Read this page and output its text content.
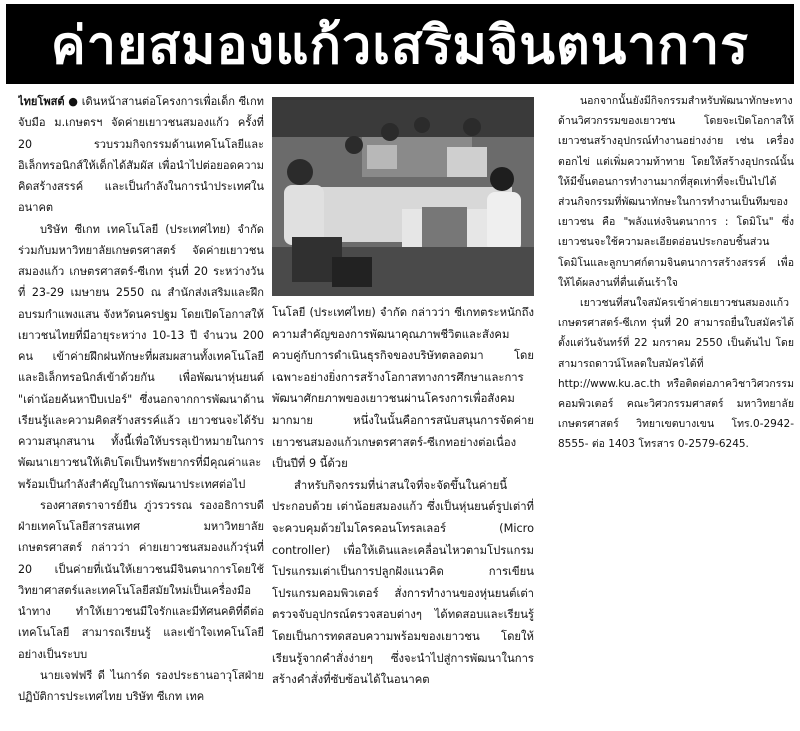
ค่ายสมองแก้วเสริมจินตนาการ

ไทยโพสต์ ● เดินหน้าสานต่อโครงการเพื่อเด็ก ซีเกท จับมือ ม.เกษตรฯ จัดค่ายเยาวชนสมองแก้ว ครั้งที่ 20 รวบรวมกิจกรรมด้านเทคโนโลยีและอิเล็กทรอนิกส์ให้เด็กได้สัมผัส เพื่อนำไปต่อยอดความคิดสร้างสรรค์ และเป็นกำลังในการนำประเทศในอนาคต

บริษัท ซีเกท เทคโนโลยี (ประเทศไทย) จำกัด ร่วมกับมหาวิทยาลัยเกษตรศาสตร์ จัดค่ายเยาวชนสมองแก้ว เกษตรศาสตร์-ซีเกท รุ่นที่ 20 ระหว่างวันที่ 23-29 เมษายน 2550 ณ สำนักส่งเสริมและฝึกอบรมกำแพงแสน จังหวัดนครปฐม โดยเปิดโอกาสให้เยาวชนไทยที่มีอายุระหว่าง 10-13 ปี จำนวน 200 คน เข้าค่ายฝึกฝนทักษะที่ผสมผสานทั้งเทคโนโลยีและอิเล็กทรอนิกส์เข้าด้วยกัน เพื่อพัฒนาหุ่นยนต์ "เต่าน้อยค้นหาปีบเปอร์" ซึ่งนอกจากการพัฒนาด้านเรียนรู้และความคิดสร้างสรรค์แล้ว เยาวชนจะได้รับความสนุกสนาน ทั้งนี้เพื่อให้บรรลุเป้าหมายในการพัฒนาเยาวชนให้เติบโตเป็นทรัพยากรที่มีคุณค่าและพร้อมเป็นกำลังสำคัญในการพัฒนาประเทศต่อไป

รองศาสตราจารย์ยืน ภู่วรวรรณ รองอธิการบดีฝ่ายเทคโนโลยีสารสนเทศ มหาวิทยาลัยเกษตรศาสตร์ กล่าวว่า ค่ายเยาวชนสมองแก้วรุ่นที่ 20 เป็นค่ายที่เน้นให้เยาวชนมีจินตนาการโดยใช้วิทยาศาสตร์และเทคโนโลยีสมัยใหม่เป็นเครื่องมือนำทาง ทำให้เยาวชนมีใจรักและมีทัศนคติที่ดีต่อเทคโนโลยี สามารถเรียนรู้ และเข้าใจเทคโนโลยีอย่างเป็นระบบ

นายเจฟฟรี ดี ไนการ์ด รองประธานอาวุโสฝ่ายปฏิบัติการประเทศไทย บริษัท ซีเกท เทค

โนโลยี (ประเทศไทย) จำกัด กล่าวว่า ซีเกทตระหนักถึงความสำคัญของการพัฒนาคุณภาพชีวิตและสังคมควบคู่กับการดำเนินธุรกิจของบริษัทตลอดมา โดยเฉพาะอย่างยิ่งการสร้างโอกาสทางการศึกษาและการพัฒนาศักยภาพของเยาวชนผ่านโครงการเพื่อสังคมมากมาย หนึ่งในนั้นคือการสนับสนุนการจัดค่ายเยาวชนสมองแก้วเกษตรศาสตร์-ซีเกทอย่างต่อเนื่องเป็นปีที่ 9 นี้ด้วย

สำหรับกิจกรรมที่น่าสนใจที่จะจัดขึ้นในค่ายนี้ ประกอบด้วย เต่าน้อยสมองแก้ว ซึ่งเป็นหุ่นยนต์รูปเต่าที่จะควบคุมด้วยไมโครคอนโทรลเลอร์ (Micro controller) เพื่อให้เดินและเคลื่อนไหวตามโปรแกรม โปรแกรมเต่าเป็นการปลูกฝังแนวคิด การเขียนโปรแกรมคอมพิวเตอร์ สั่งการทำงานของหุ่นยนต์เต่า ตรวจจับอุปกรณ์ตรวจสอบต่างๆ ได้ทดสอบและเรียนรู้ โดยเป็นการทดสอบความพร้อมของเยาวชน โดยให้เรียนรู้จากคำสั่งง่ายๆ ซึ่งจะนำไปสู่การพัฒนาในการสร้างคำสั่งที่ซับซ้อนได้ในอนาคต

นอกจากนั้นยังมีกิจกรรมสำหรับพัฒนาทักษะทางด้านวิศวกรรมของเยาวชน โดยจะเปิดโอกาสให้เยาวชนสร้างอุปกรณ์ทำงานอย่างง่าย เช่น เครื่องตอกไข่ แต่เพิ่มความท้าทาย โดยให้สร้างอุปกรณ์นั้นให้มีขั้นตอนการทำงานมากที่สุดเท่าที่จะเป็นไปได้ ส่วนกิจกรรมที่พัฒนาทักษะในการทำงานเป็นทีมของเยาวชน คือ "พลังแห่งจินตนาการ : โดมิโน" ซึ่งเยาวชนจะใช้ความละเอียดอ่อนประกอบชิ้นส่วนโดมิโนและลูกบาศก์ตามจินตนาการสร้างสรรค์ เพื่อให้ได้ผลงานที่ตื่นเต้นเร้าใจ

เยาวชนที่สนใจสมัครเข้าค่ายเยาวชนสมองแก้ว เกษตรศาสตร์-ซีเกท รุ่นที่ 20 สามารถยื่นใบสมัครได้ตั้งแต่วันจันทร์ที่ 22 มกราคม 2550 เป็นต้นไป โดยสามารถดาวน์โหลดใบสมัครได้ที่ http://www.ku.ac.th หรือติดต่อภาควิชาวิศวกรรมคอมพิวเตอร์ คณะวิศวกรรมศาสตร์ มหาวิทยาลัยเกษตรศาสตร์ วิทยาเขตบางเขน โทร.0-2942-8555- ต่อ 1403 โทรสาร 0-2579-6245.
